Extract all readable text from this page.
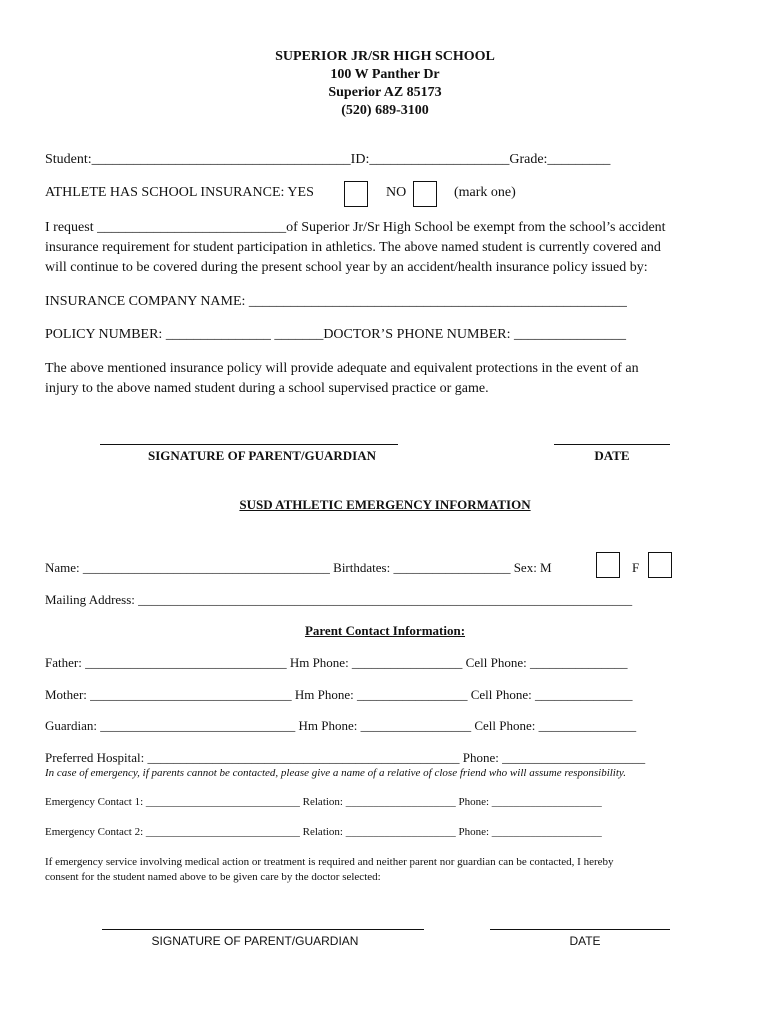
SUPERIOR JR/SR HIGH SCHOOL
100 W Panther Dr
Superior AZ 85173
(520) 689-3100
Student:_____________________________________ID:____________________Grade:_________
ATHLETE HAS SCHOOL INSURANCE: YES	NO	(mark one)
I request ___________________________of Superior Jr/Sr High School be exempt from the school’s accident
insurance requirement for student participation in athletics. The above named student is currently covered and
will continue to be covered during the present school year by an accident/health insurance policy issued by:
INSURANCE COMPANY NAME: ______________________________________________________
POLICY NUMBER: _______________ _______DOCTOR’S PHONE NUMBER: ________________
The above mentioned insurance policy will provide adequate and equivalent protections in the event of an
injury to the above named student during a school supervised practice or game.
SIGNATURE OF PARENT/GUARDIAN	DATE
SUSD ATHLETIC EMERGENCY INFORMATION
Name: ______________________________________ Birthdates: __________________ Sex: M	F
Mailing Address: ____________________________________________________________________________
Parent Contact Information:
Father: _______________________________ Hm Phone: _________________ Cell Phone: _______________
Mother: _______________________________ Hm Phone: _________________ Cell Phone: _______________
Guardian: ______________________________ Hm Phone: _________________ Cell Phone: _______________
Preferred Hospital: ________________________________________________ Phone: ______________________
In case of emergency, if parents cannot be contacted, please give a name of a relative of close friend who will assume responsibility.
Emergency Contact 1: ____________________________ Relation: ____________________ Phone: ____________________
Emergency Contact 2: ____________________________ Relation: ____________________ Phone: ____________________
If emergency service involving medical action or treatment is required and neither parent nor guardian can be contacted, I hereby
consent for the student named above to be given care by the doctor selected:
SIGNATURE OF PARENT/GUARDIAN	DATE
